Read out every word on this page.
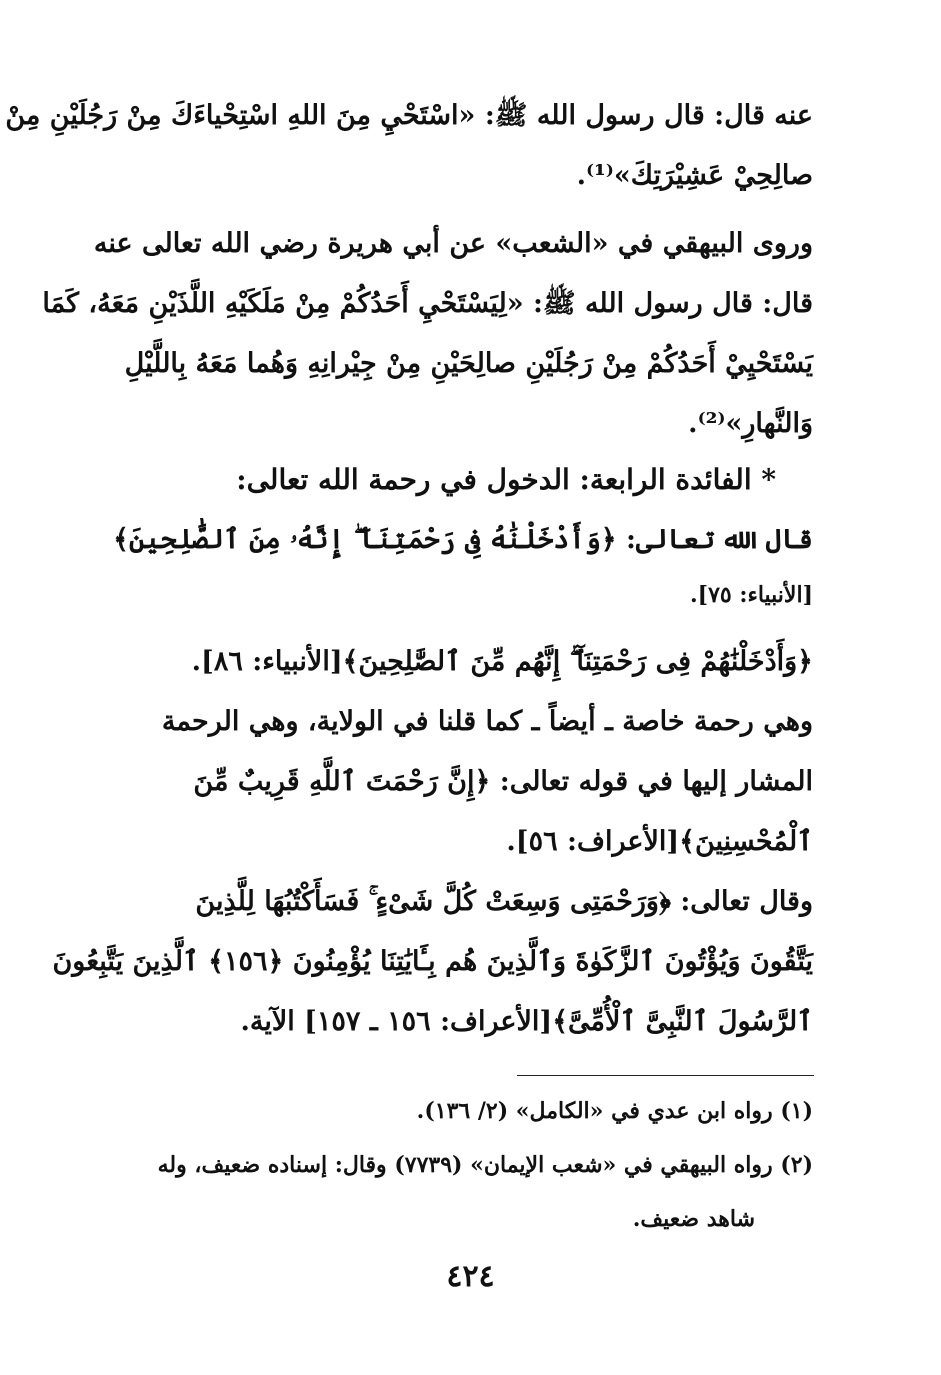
عنه قال: قال رسول الله ﷺ: «اسْتَحْيِ مِنَ اللهِ اسْتِحْياءَكَ مِنْ رَجُلَيْنِ مِنْ
صالِحِيْ عَشِيْرَتِكَ»⁽¹⁾.
وروى البيهقي في «الشعب» عن أبي هريرة رضي الله تعالى عنه
قال: قال رسول الله ﷺ: «لِيَسْتَحْيِ أَحَدُكُمْ مِنْ مَلَكَيْهِ اللَّذَيْنِ مَعَهُ، كَمَا
يَسْتَحْيِيْ أَحَدُكُمْ مِنْ رَجُلَيْنِ صالِحَيْنِ مِنْ جِيْرانِهِ وَهُما مَعَهُ بِاللَّيْلِ
وَالنَّهارِ»⁽²⁾.
* الفائدة الرابعة: الدخول في رحمة الله تعالى:
قال الله تعالى: ﴿وَأَدْخَلْنَٰهُ فِى رَحْمَتِنَآ ۖ إِنَّهُۥ مِنَ ٱلصَّٰلِحِينَ﴾
[الأنبياء: ٧٥].
﴿وَأَدْخَلْنَٰهُمْ فِى رَحْمَتِنَآ ۖ إِنَّهُم مِّنَ ٱلصَّٰلِحِينَ﴾[الأنبياء: ٨٦].
وهي رحمة خاصة ـ أيضاً ـ كما قلنا في الولاية، وهي الرحمة
المشار إليها في قوله تعالى: ﴿إِنَّ رَحْمَتَ ٱللَّهِ قَرِيبٌ مِّنَ
ٱلْمُحْسِنِينَ﴾[الأعراف: ٥٦].
وقال تعالى: ﴿وَرَحْمَتِى وَسِعَتْ كُلَّ شَىْءٍ ۚ فَسَأَكْتُبُهَا لِلَّذِينَ
يَتَّقُونَ وَيُؤْتُونَ ٱلزَّكَوٰةَ وَٱلَّذِينَ هُم بِـَٔايَٰتِنَا يُؤْمِنُونَ ﴿١٥٦﴾ ٱلَّذِينَ يَتَّبِعُونَ
ٱلرَّسُولَ ٱلنَّبِىَّ ٱلْأُمِّىَّ﴾[الأعراف: ١٥٦ ـ ١٥٧] الآية.
(١) رواه ابن عدي في «الكامل» (٢/ ١٣٦).
(٢) رواه البيهقي في «شعب الإيمان» (٧٧٣٩) وقال: إسناده ضعيف، وله
شاهد ضعيف.
٤٢٤
